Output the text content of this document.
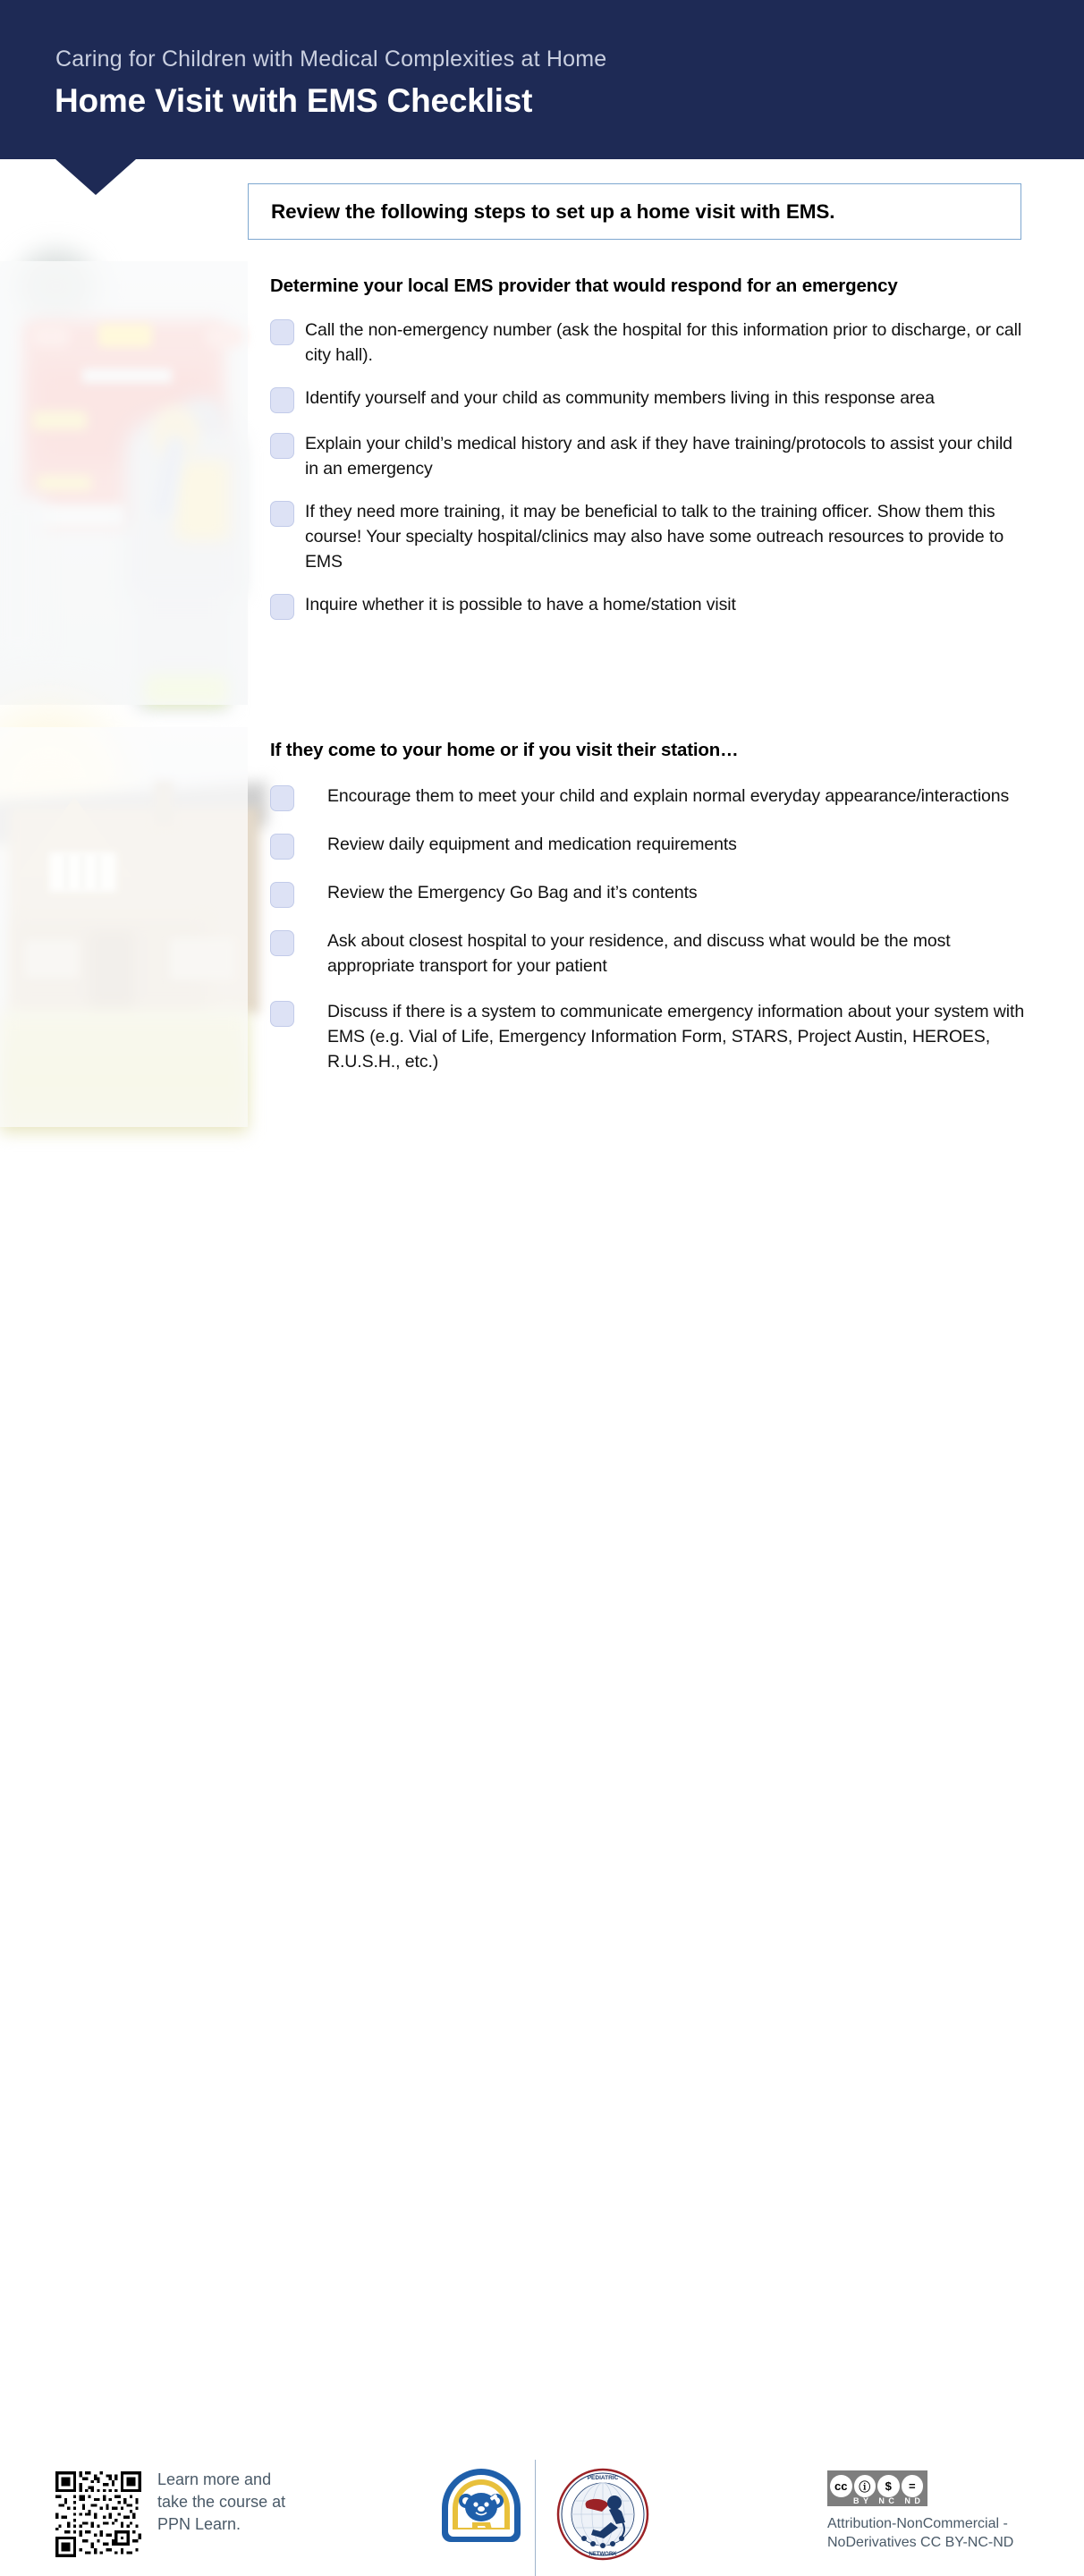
Caring for Children with Medical Complexities at Home
Home Visit with EMS Checklist
Review the following steps to set up a home visit with EMS.
Determine your local EMS provider that would respond for an emergency
Call the non-emergency number (ask the hospital for this information prior to discharge, or call city hall).
Identify yourself and your child as community members living in this response area
Explain your child’s medical history and ask if they have training/protocols to assist your child in an emergency
If they need more training, it may be beneficial to talk to the training officer. Show them this course! Your specialty hospital/clinics may also have some outreach resources to provide to EMS
Inquire whether it is possible to have a home/station visit
If they come to your home or if you visit their station…
Encourage them to meet your child and explain normal everyday appearance/interactions
Review daily equipment and medication requirements
Review the Emergency Go Bag and it’s contents
Ask about closest hospital to your residence, and discuss what would be the most appropriate transport for your patient
Discuss if there is a system to communicate emergency information about your system with EMS (e.g. Vial of Life, Emergency Information Form, STARS, Project Austin, HEROES, R.U.S.H., etc.)
Learn more and take the course at PPN Learn.
PEDIATRIC
NETWORK
cc ⓘ	$	=
BY NC ND
Attribution-NonCommercial -NoDerivatives CC BY-NC-ND
